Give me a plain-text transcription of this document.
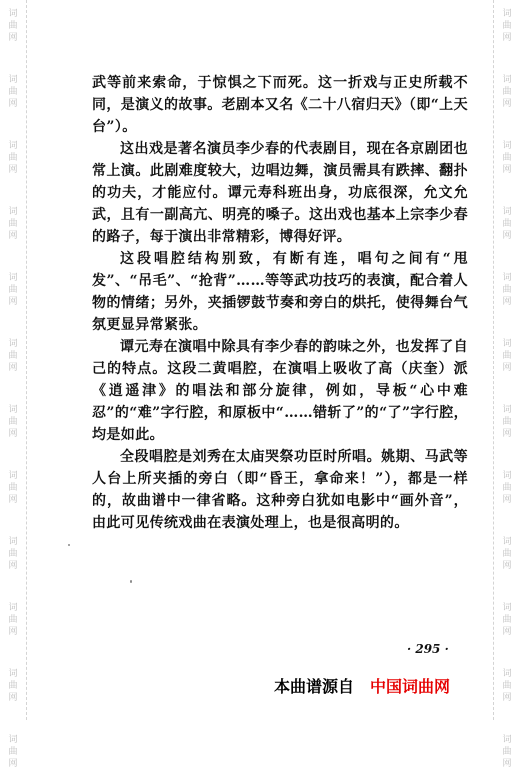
词
曲
网
词
曲
网
词
曲
网
词
曲
网
词
曲
网
词
曲
网
词
曲
网
词
曲
网
词
曲
网
词
曲
网
词
曲
网
词
曲
网
词
曲
网
词
曲
网
词
曲
网
词
曲
网
词
曲
网
词
曲
网
词
曲
网
词
曲
网
词
曲
网
词
曲
网
词
曲
网
词
曲
网

武等前来索命，于惊惧之下而死。这一折戏与正史所载不同，是演义的故事。老剧本又名《二十八宿归天》（即“上天台”）。

这出戏是著名演员李少春的代表剧目，现在各京剧团也常上演。此剧难度较大，边唱边舞，演员需具有跌摔、翻扑的功夫，才能应付。谭元寿科班出身，功底很深，允文允武，且有一副高亢、明亮的嗓子。这出戏也基本上宗李少春的路子，每于演出非常精彩，博得好评。

这段唱腔结构别致，有断有连，唱句之间有“甩发”、“吊毛”、“抢背”……等等武功技巧的表演，配合着人物的情绪；另外，夹插锣鼓节奏和旁白的烘托，使得舞台气氛更显异常紧张。

谭元寿在演唱中除具有李少春的韵味之外，也发挥了自己的特点。这段二黄唱腔，在演唱上吸收了高（庆奎）派《逍遥津》的唱法和部分旋律，例如，导板“心中难忍”的“难”字行腔，和原板中“……错斩了”的“了”字行腔，均是如此。

全段唱腔是刘秀在太庙哭祭功臣时所唱。姚期、马武等人台上所夹插的旁白（即“昏王，拿命来！”），都是一样的，故曲谱中一律省略。这种旁白犹如电影中“画外音”，由此可见传统戏曲在表演处理上，也是很高明的。

· 295 ·
本曲谱源自 中国词曲网
